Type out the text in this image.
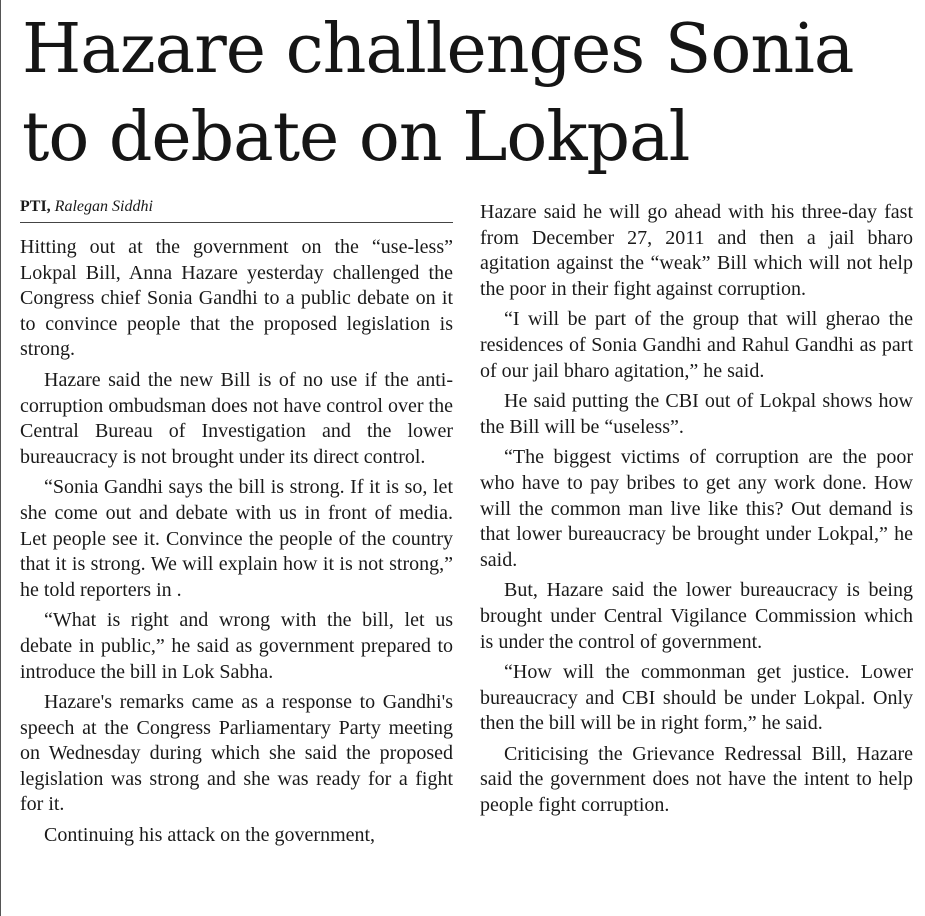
Hazare challenges Sonia to debate on Lokpal

PTI, Ralegan Siddhi

Hitting out at the government on the “use-less” Lokpal Bill, Anna Hazare yesterday challenged the Congress chief Sonia Gandhi to a public debate on it to convince people that the proposed legislation is strong.

Hazare said the new Bill is of no use if the anti-corruption ombudsman does not have control over the Central Bureau of Investigation and the lower bureaucracy is not brought under its direct control.

“Sonia Gandhi says the bill is strong. If it is so, let she come out and debate with us in front of media. Let people see it. Convince the people of the country that it is strong. We will explain how it is not strong,” he told reporters in .

“What is right and wrong with the bill, let us debate in public,” he said as government prepared to introduce the bill in Lok Sabha.

Hazare's remarks came as a response to Gandhi's speech at the Congress Parliamentary Party meeting on Wednesday during which she said the proposed legislation was strong and she was ready for a fight for it.

Continuing his attack on the government,

Hazare said he will go ahead with his three-day fast from December 27, 2011 and then a jail bharo agitation against the “weak” Bill which will not help the poor in their fight against corruption.

“I will be part of the group that will gherao the residences of Sonia Gandhi and Rahul Gandhi as part of our jail bharo agitation,” he said.

He said putting the CBI out of Lokpal shows how the Bill will be “useless”.

“The biggest victims of corruption are the poor who have to pay bribes to get any work done. How will the common man live like this? Out demand is that lower bureaucracy be brought under Lokpal,” he said.

But, Hazare said the lower bureaucracy is being brought under Central Vigilance Commission which is under the control of government.

“How will the commonman get justice. Lower bureaucracy and CBI should be under Lokpal. Only then the bill will be in right form,” he said.

Criticising the Grievance Redressal Bill, Hazare said the government does not have the intent to help people fight corruption.
